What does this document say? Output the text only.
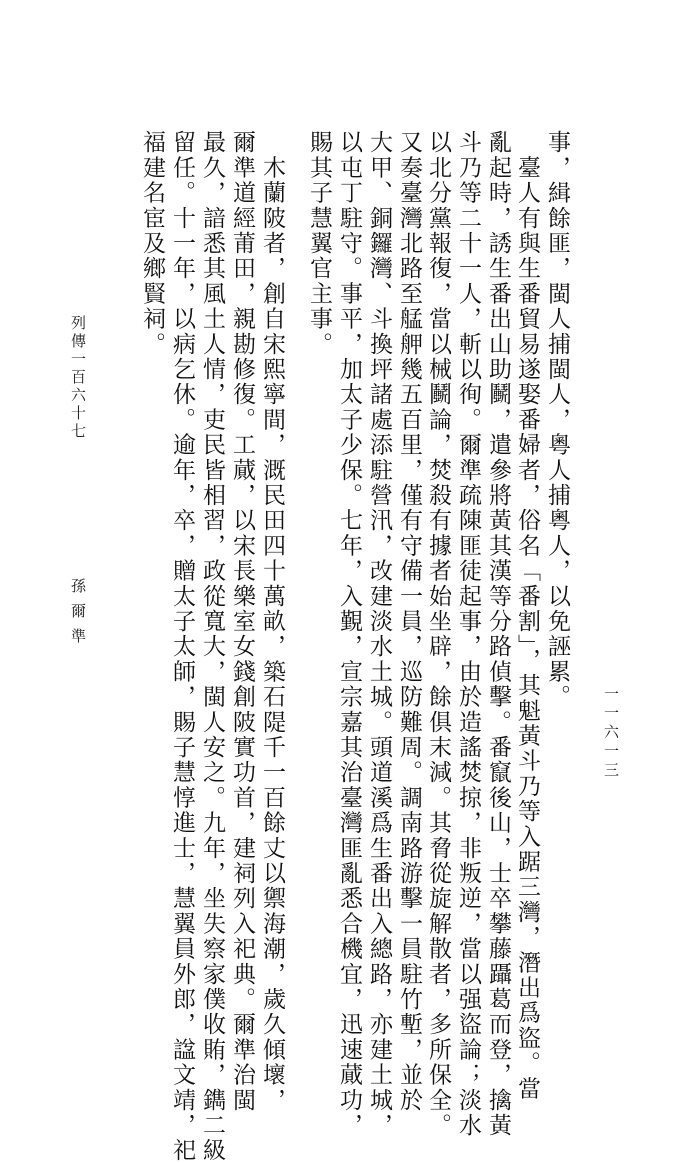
事，緝餘匪，閩人捕閩人，粵人捕粵人，以免誣累。
　臺人有與生番貿易遂娶番婦者，俗名「番割」，其魁黃斗乃等入踞三灣，潛出爲盜。當
亂起時，誘生番出山助鬭，遣參將黃其漢等分路偵擊。番竄後山，士卒攀藤躡葛而登，擒黃
斗乃等二十一人，斬以徇。爾準疏陳匪徒起事，由於造謠焚掠，非叛逆，當以强盜論；淡水
以北分黨報復，當以械鬭論，焚殺有據者始坐辟，餘俱末減。其脅從旋解散者，多所保全。
又奏臺灣北路至艋舺幾五百里，僅有守備一員，巡防難周。調南路游擊一員駐竹塹，並於
大甲、銅鑼灣、斗換坪諸處添駐營汛，改建淡水土城。頭道溪爲生番出入總路，亦建土城，
以屯丁駐守。事平，加太子少保。七年，入覲，宣宗嘉其治臺灣匪亂悉合機宜，迅速蕆功，
賜其子慧翼官主事。
　木蘭陂者，創自宋熙寧間，溉民田四十萬畝，築石隄千一百餘丈以禦海潮，歲久傾壞，
爾準道經莆田，親勘修復。工蕆，以宋長樂室女錢創陂實功首，建祠列入祀典。爾準治閩
最久，諳悉其風土人情，吏民皆相習，政從寬大，閩人安之。九年，坐失察家僕收賄，鐫二級
留任。十一年，以病乞休。逾年，卒，贈太子太師，賜子慧惇進士，慧翼員外郎，諡文靖，祀
福建名宦及鄉賢祠。
列傳一百六十七
孫爾準
一一六一三
